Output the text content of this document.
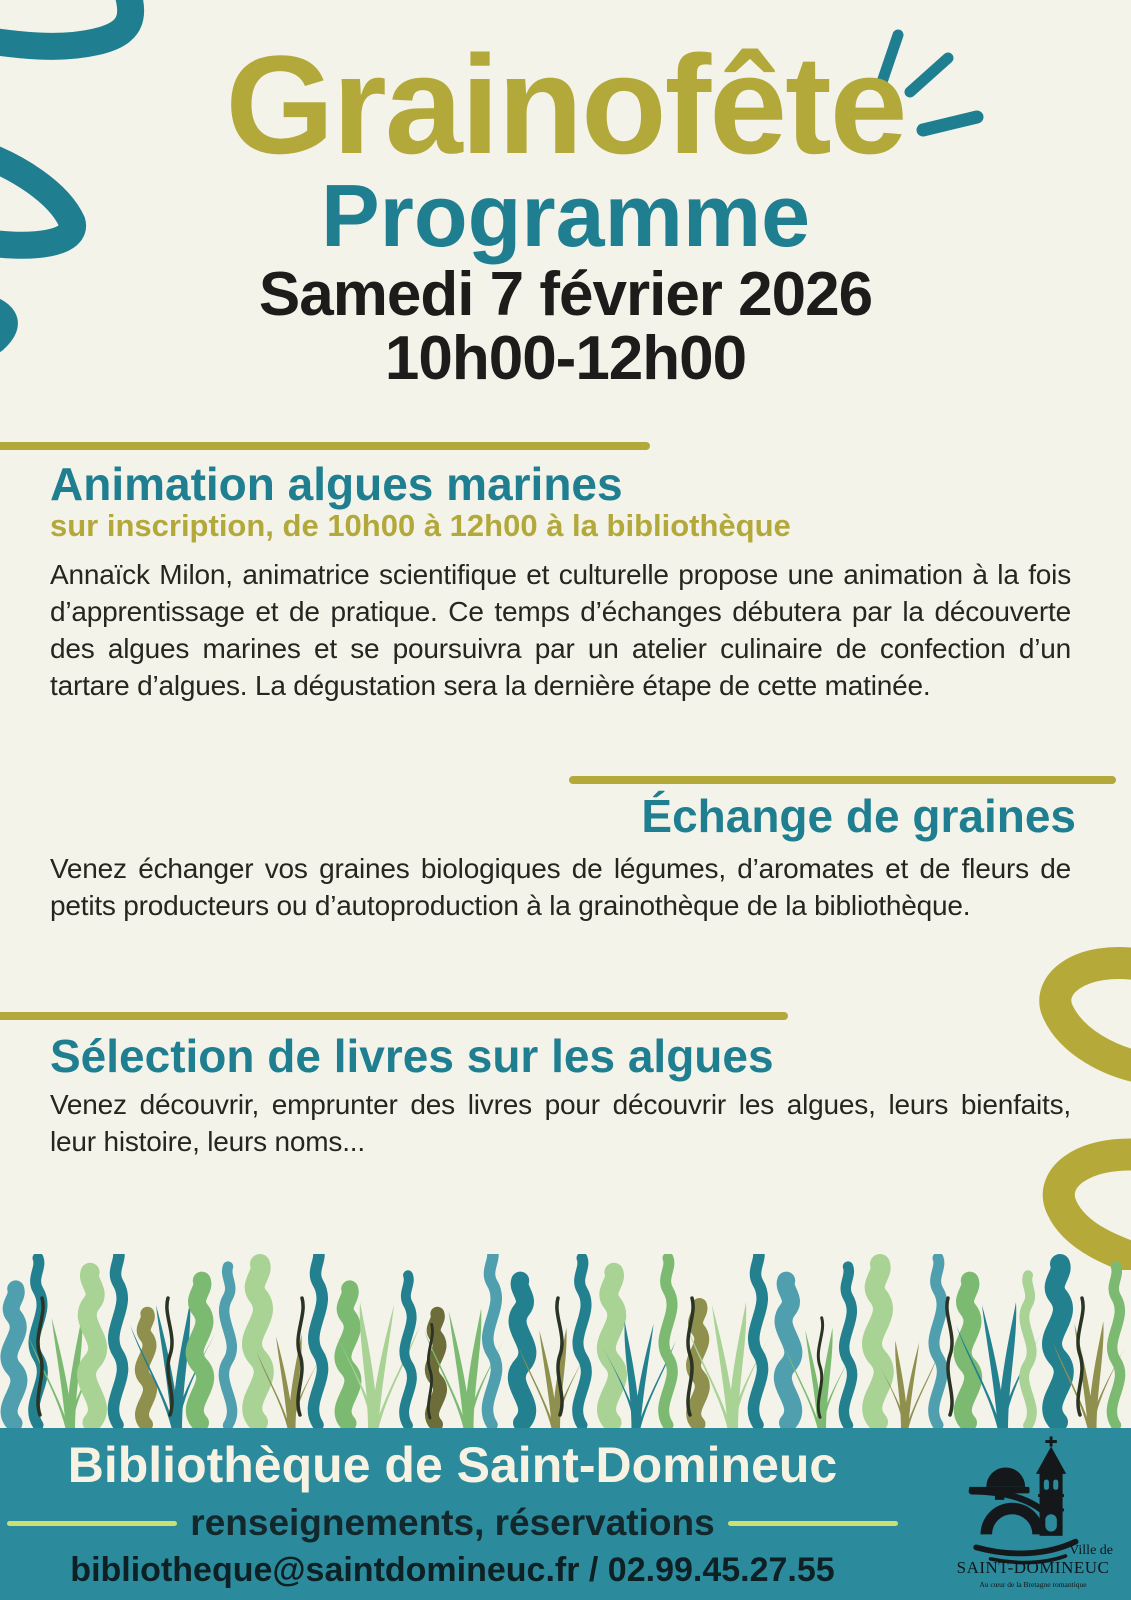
Grainofête
Programme
Samedi 7 février 2026
10h00-12h00
Animation algues marines
sur inscription, de 10h00 à 12h00 à la bibliothèque
Annaïck Milon, animatrice scientifique et culturelle propose une animation à la fois d’apprentissage et de pratique. Ce temps d’échanges débutera par la découverte des algues marines et se poursuivra par un atelier culinaire de confection d’un tartare d’algues. La dégustation sera la dernière étape de cette matinée.
Échange de graines
Venez échanger vos graines biologiques de légumes, d’aromates et de fleurs de petits producteurs ou d’autoproduction à la grainothèque de la bibliothèque.
Sélection de livres sur les algues
Venez découvrir, emprunter des livres pour découvrir les algues, leurs bienfaits, leur histoire, leurs noms...
Bibliothèque de Saint-Domineuc
renseignements, réservations
bibliotheque@saintdomineuc.fr / 02.99.45.27.55
Ville de
SAINT-DOMINEUC
Au cœur de la Bretagne romantique
